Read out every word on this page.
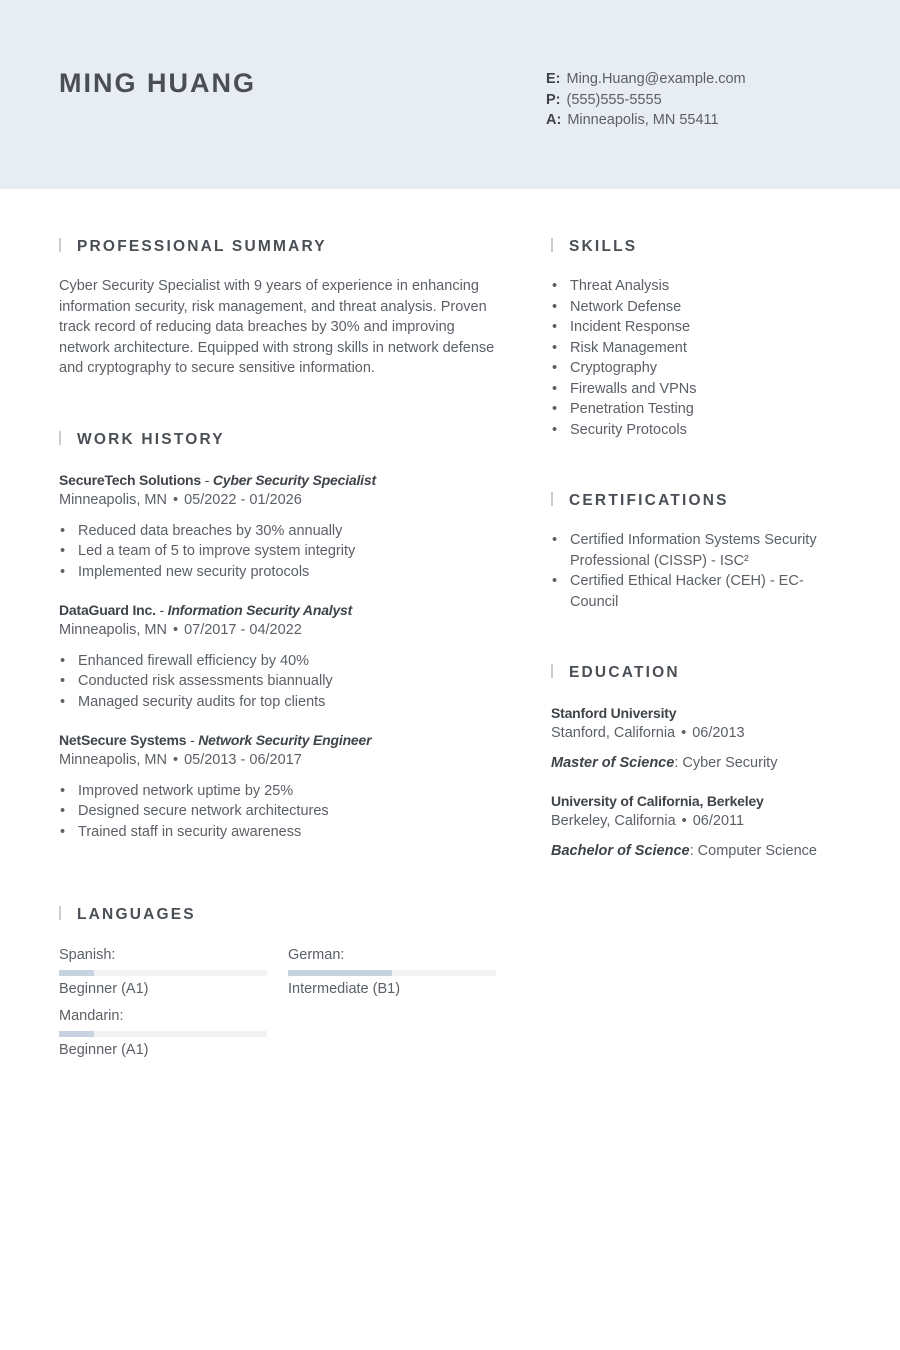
MING HUANG	E: Ming.Huang@example.com
P: (555)555-5555
A: Minneapolis, MN 55411
PROFESSIONAL SUMMARY
Cyber Security Specialist with 9 years of experience in enhancing information security, risk management, and threat analysis. Proven track record of reducing data breaches by 30% and improving network architecture. Equipped with strong skills in network defense and cryptography to secure sensitive information.
WORK HISTORY
SecureTech Solutions - Cyber Security Specialist
Minneapolis, MN • 05/2022 - 01/2026
• Reduced data breaches by 30% annually
• Led a team of 5 to improve system integrity
• Implemented new security protocols
DataGuard Inc. - Information Security Analyst
Minneapolis, MN • 07/2017 - 04/2022
• Enhanced firewall efficiency by 40%
• Conducted risk assessments biannually
• Managed security audits for top clients
NetSecure Systems - Network Security Engineer
Minneapolis, MN • 05/2013 - 06/2017
• Improved network uptime by 25%
• Designed secure network architectures
• Trained staff in security awareness
LANGUAGES
Spanish:
Beginner (A1)
German:
Intermediate (B1)
Mandarin:
Beginner (A1)
SKILLS
• Threat Analysis
• Network Defense
• Incident Response
• Risk Management
• Cryptography
• Firewalls and VPNs
• Penetration Testing
• Security Protocols
CERTIFICATIONS
• Certified Information Systems Security Professional (CISSP) - ISC²
• Certified Ethical Hacker (CEH) - EC-Council
EDUCATION
Stanford University
Stanford, California • 06/2013
Master of Science: Cyber Security
University of California, Berkeley
Berkeley, California • 06/2011
Bachelor of Science: Computer Science
